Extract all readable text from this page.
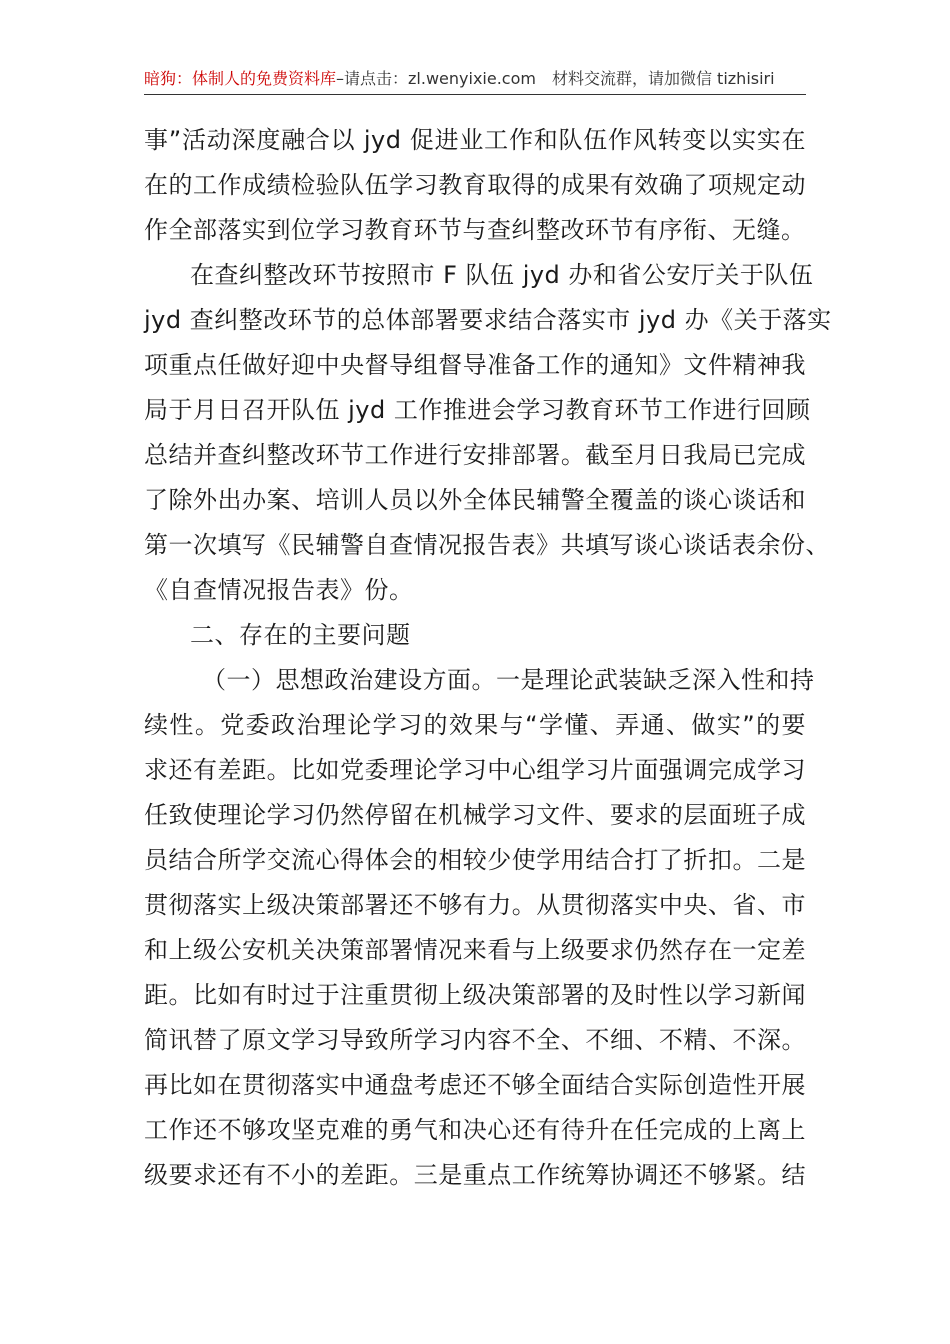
暗狗：体制人的免费资料库–请点击：zl.wenyixie.com 材料交流群，请加微信 tizhisiri
事”活动深度融合以 jyd 促进业工作和队伍作风转变以实实在
在的工作成绩检验队伍学习教育取得的成果有效确了项规定动
作全部落实到位学习教育环节与查纠整改环节有序衔、无缝。
在查纠整改环节按照市 F 队伍 jyd 办和省公安厅关于队伍
jyd 查纠整改环节的总体部署要求结合落实市 jyd 办《关于落实
项重点任做好迎中央督导组督导准备工作的通知》文件精神我
局于月日召开队伍 jyd 工作推进会学习教育环节工作进行回顾
总结并查纠整改环节工作进行安排部署。截至月日我局已完成
了除外出办案、培训人员以外全体民辅警全覆盖的谈心谈话和
第一次填写《民辅警自查情况报告表》共填写谈心谈话表余份、
《自查情况报告表》份。
二、存在的主要问题
（一）思想政治建设方面。一是理论武装缺乏深入性和持
续性。党委政治理论学习的效果与“学懂、弄通、做实”的要
求还有差距。比如党委理论学习中心组学习片面强调完成学习
任致使理论学习仍然停留在机械学习文件、要求的层面班子成
员结合所学交流心得体会的相较少使学用结合打了折扣。二是
贯彻落实上级决策部署还不够有力。从贯彻落实中央、省、市
和上级公安机关决策部署情况来看与上级要求仍然存在一定差
距。比如有时过于注重贯彻上级决策部署的及时性以学习新闻
简讯替了原文学习导致所学习内容不全、不细、不精、不深。
再比如在贯彻落实中通盘考虑还不够全面结合实际创造性开展
工作还不够攻坚克难的勇气和决心还有待升在任完成的上离上
级要求还有不小的差距。三是重点工作统筹协调还不够紧。结
